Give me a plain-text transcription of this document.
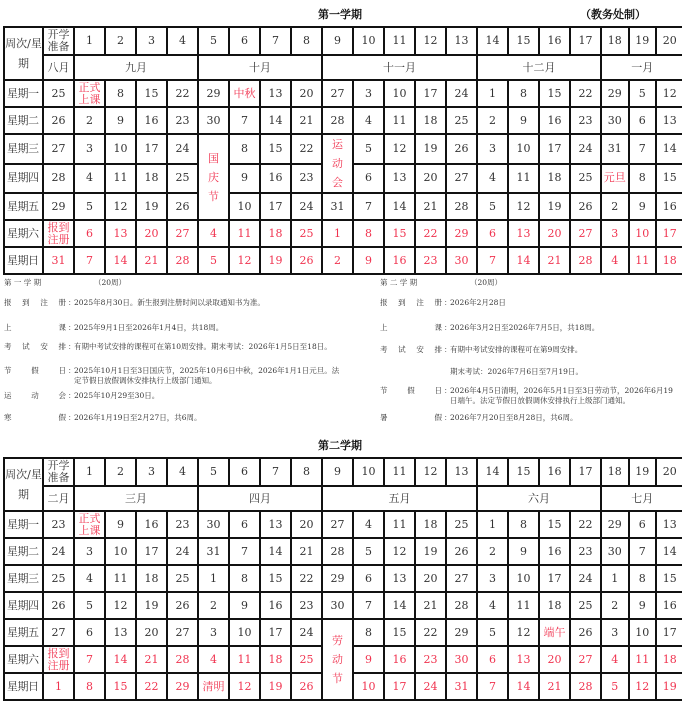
第一学期	（教务处制）
周次/星期	开学准备	1	2	3	4	5	6	7	8	9	10	11	12	13	14	15	16	17	18	19	20
	八月	九月				十月				十一月					十二月				一月		
星期一	25	正式上课	8	15	22	29	中秋	13	20	27	3	10	17	24	1	8	15	22	29	5	12
星期二	26	2	9	16	23	30	7	14	21	28	4	11	18	25	2	9	16	23	30	6	13
星期三	27	3	10	17	24	国庆节	8	15	22	运动会	5	12	19	26	3	10	17	24	31	7	14
星期四	28	4	11	18	25		9	16	23		6	13	20	27	4	11	18	25	元旦	8	15
星期五	29	5	12	19	26		10	17	24	31	7	14	21	28	5	12	19	26	2	9	16
星期六	报到注册	6	13	20	27	4	11	18	25	1	8	15	22	29	6	13	20	27	3	10	17
星期日	31	7	14	21	28	5	12	19	26	2	9	16	23	30	7	14	21	28	4	11	18
第 一 学 期	（20周）
报到注册 ：
2025年8月30日。新生报到注册时间以录取通知书为准。
上课 ：
2025年9月1日至2026年1月4日，共18周。
考试安排 ：
有期中考试安排的课程可在第10周安排。期末考试：2026年1月5日至18日。
节假日 ：
2025年10月1日至3日国庆节，2025年10月6日中秋，2026年1月1日元旦。法定节假日放假调休安排执行上级部门通知。
运动会 ：
2025年10月29至30日。
寒假 ：
2026年1月19日至2月27日，共6周。
第 二 学 期	（20周）
报到注册 ：
2026年2月28日
上课 ：
2026年3月2日至2026年7月5日，共18周。
考试安排 ：
有期中考试安排的课程可在第9周安排。
期末考试：2026年7月6日至7月19日。
节假日 ：
2026年4月5日清明，2026年5月1日至3日劳动节，2026年6月19日端午。法定节假日放假调休安排执行上级部门通知。
暑假 ：
2026年7月20日至8月28日，共6周。
第二学期
周次/星期	开学准备	1	2	3	4	5	6	7	8	9	10	11	12	13	14	15	16	17	18	19	20
	二月	三月				四月				五月					六月				七月		
星期一	23	正式上课	9	16	23	30	6	13	20	27	4	11	18	25	1	8	15	22	29	6	13
星期二	24	3	10	17	24	31	7	14	21	28	5	12	19	26	2	9	16	23	30	7	14
星期三	25	4	11	18	25	1	8	15	22	29	6	13	20	27	3	10	17	24	1	8	15
星期四	26	5	12	19	26	2	9	16	23	30	7	14	21	28	4	11	18	25	2	9	16
星期五	27	6	13	20	27	3	10	17	24	劳动节	8	15	22	29	5	12	端午	26	3	10	17
星期六	报到注册	7	14	21	28	4	11	18	25		9	16	23	30	6	13	20	27	4	11	18
星期日	1	8	15	22	29	清明	12	19	26		10	17	24	31	7	14	21	28	5	12	19
